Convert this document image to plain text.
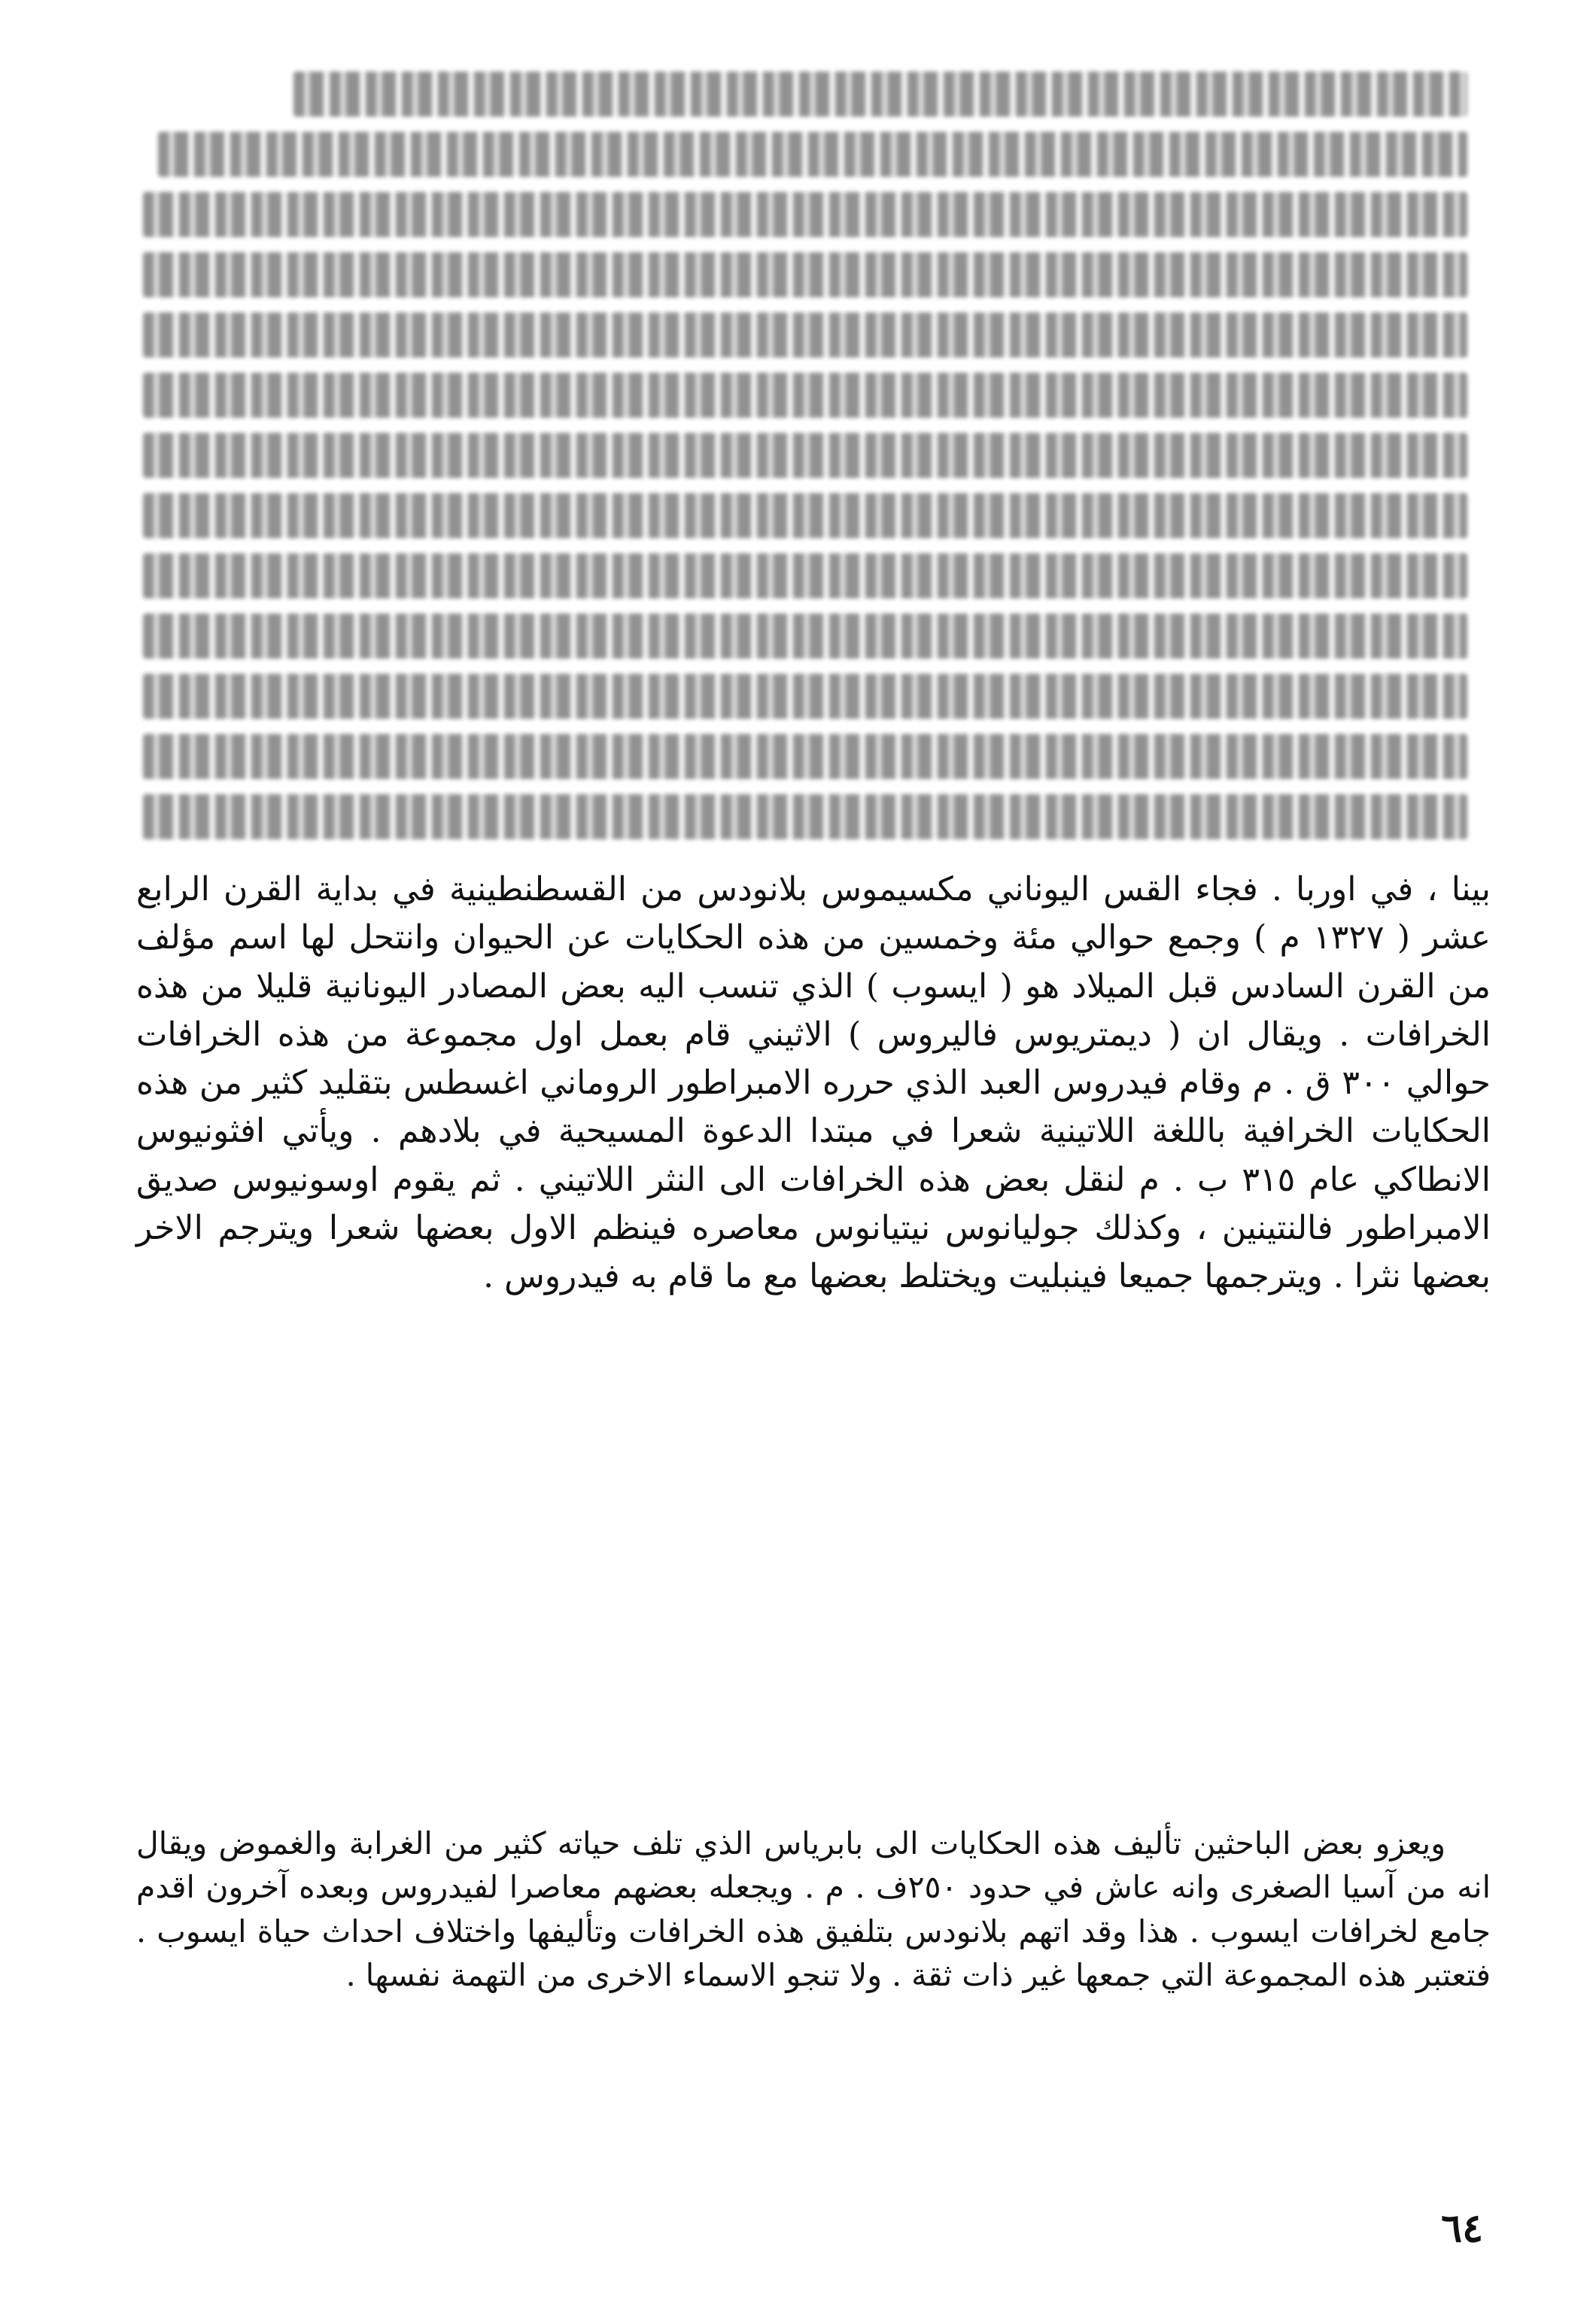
بينا ، في اوربا . فجاء القس اليوناني مكسيموس بلانودس من القسطنطينية في بداية القرن الرابع عشر ( ١٣٢٧ م ) وجمع حوالي مئة وخمسين من هذه الحكايات عن الحيوان وانتحل لها اسم مؤلف من القرن السادس قبل الميلاد هو ( ايسوب ) الذي تنسب اليه بعض المصادر اليونانية قليلا من هذه الخرافات . ويقال ان ( ديمتريوس فاليروس ) الاثيني قام بعمل اول مجموعة من هذه الخرافات حوالي ٣٠٠ ق . م وقام فيدروس العبد الذي حرره الامبراطور الروماني اغسطس بتقليد كثير من هذه الحكايات الخرافية باللغة اللاتينية شعرا في مبتدا الدعوة المسيحية في بلادهم . ويأتي افثونيوس الانطاكي عام ٣١٥ ب . م لنقل بعض هذه الخرافات الى النثر اللاتيني . ثم يقوم اوسونيوس صديق الامبراطور فالنتينين ، وكذلك جوليانوس نيتيانوس معاصره فينظم الاول بعضها شعرا ويترجم الاخر بعضها نثرا . ويترجمها جميعا فينبليت ويختلط بعضها مع ما قام به فيدروس .

ويعزو بعض الباحثين تأليف هذه الحكايات الى بابرياس الذي تلف حياته كثير من الغرابة والغموض ويقال انه من آسيا الصغرى وانه عاش في حدود ٢٥٠ف . م . ويجعله بعضهم معاصرا لفيدروس وبعده آخرون اقدم جامع لخرافات ايسوب . هذا وقد اتهم بلانودس بتلفيق هذه الخرافات وتأليفها واختلاف احداث حياة ايسوب . فتعتبر هذه المجموعة التي جمعها غير ذات ثقة . ولا تنجو الاسماء الاخرى من التهمة نفسها .

٦٤
